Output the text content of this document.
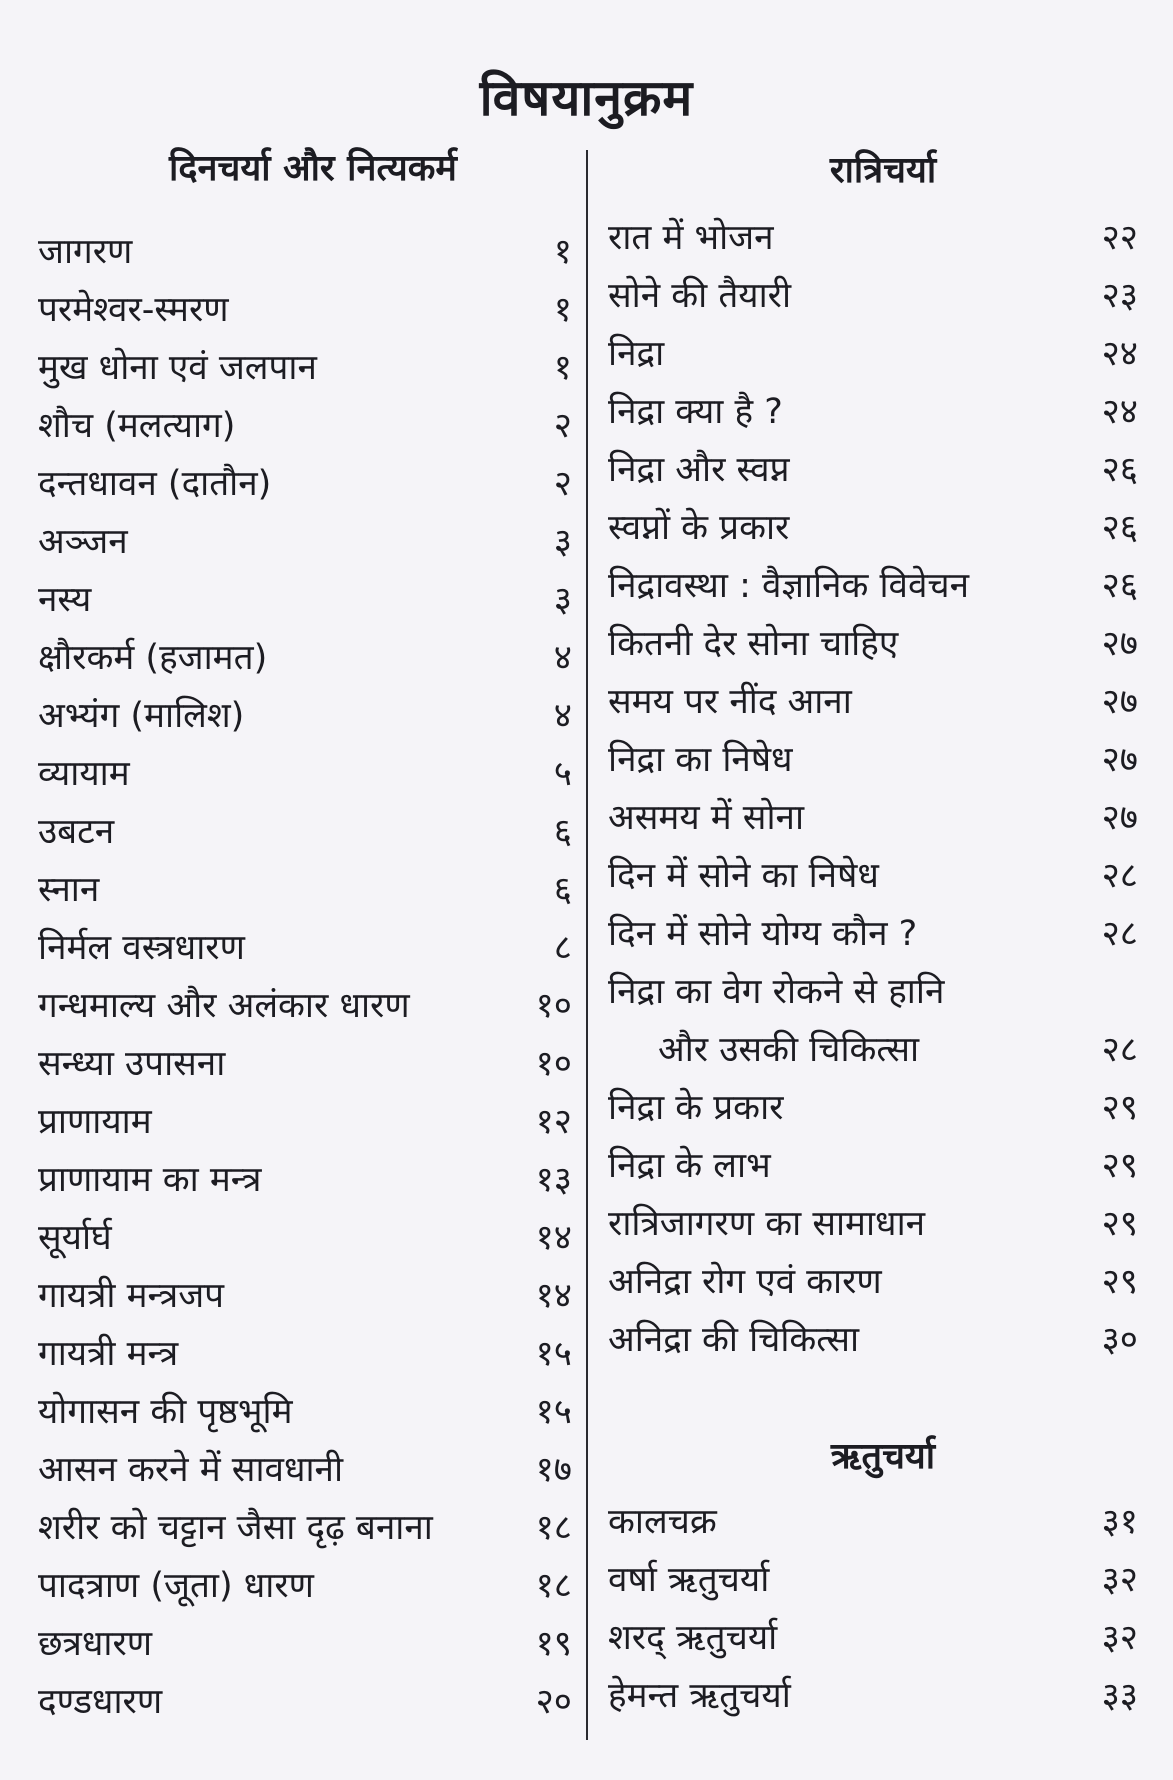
विषयानुक्रम
दिनचर्या और नित्यकर्म
जागरण	१
परमेश्वर-स्मरण	१
मुख धोना एवं जलपान	१
शौच (मलत्याग)	२
दन्तधावन (दातौन)	२
अञ्जन	३
नस्य	३
क्षौरकर्म (हजामत)	४
अभ्यंग (मालिश)	४
व्यायाम	५
उबटन	६
स्नान	६
निर्मल वस्त्रधारण	८
गन्धमाल्य और अलंकार धारण	१०
सन्ध्या उपासना	१०
प्राणायाम	१२
प्राणायाम का मन्त्र	१३
सूर्यार्घ	१४
गायत्री मन्त्रजप	१४
गायत्री मन्त्र	१५
योगासन की पृष्ठभूमि	१५
आसन करने में सावधानी	१७
शरीर को चट्टान जैसा दृढ़ बनाना	१८
पादत्राण (जूता) धारण	१८
छत्रधारण	१९
दण्डधारण	२०
रात्रिचर्या
रात में भोजन	२२
सोने की तैयारी	२३
निद्रा	२४
निद्रा क्या है ?	२४
निद्रा और स्वप्न	२६
स्वप्नों के प्रकार	२६
निद्रावस्था : वैज्ञानिक विवेचन	२६
कितनी देर सोना चाहिए	२७
समय पर नींद आना	२७
निद्रा का निषेध	२७
असमय में सोना	२७
दिन में सोने का निषेध	२८
दिन में सोने योग्य कौन ?	२८
निद्रा का वेग रोकने से हानि
और उसकी चिकित्सा	२८
निद्रा के प्रकार	२९
निद्रा के लाभ	२९
रात्रिजागरण का सामाधान	२९
अनिद्रा रोग एवं कारण	२९
अनिद्रा की चिकित्सा	३०
ऋतुचर्या
कालचक्र	३१
वर्षा ऋतुचर्या	३२
शरद् ऋतुचर्या	३२
हेमन्त ऋतुचर्या	३३
